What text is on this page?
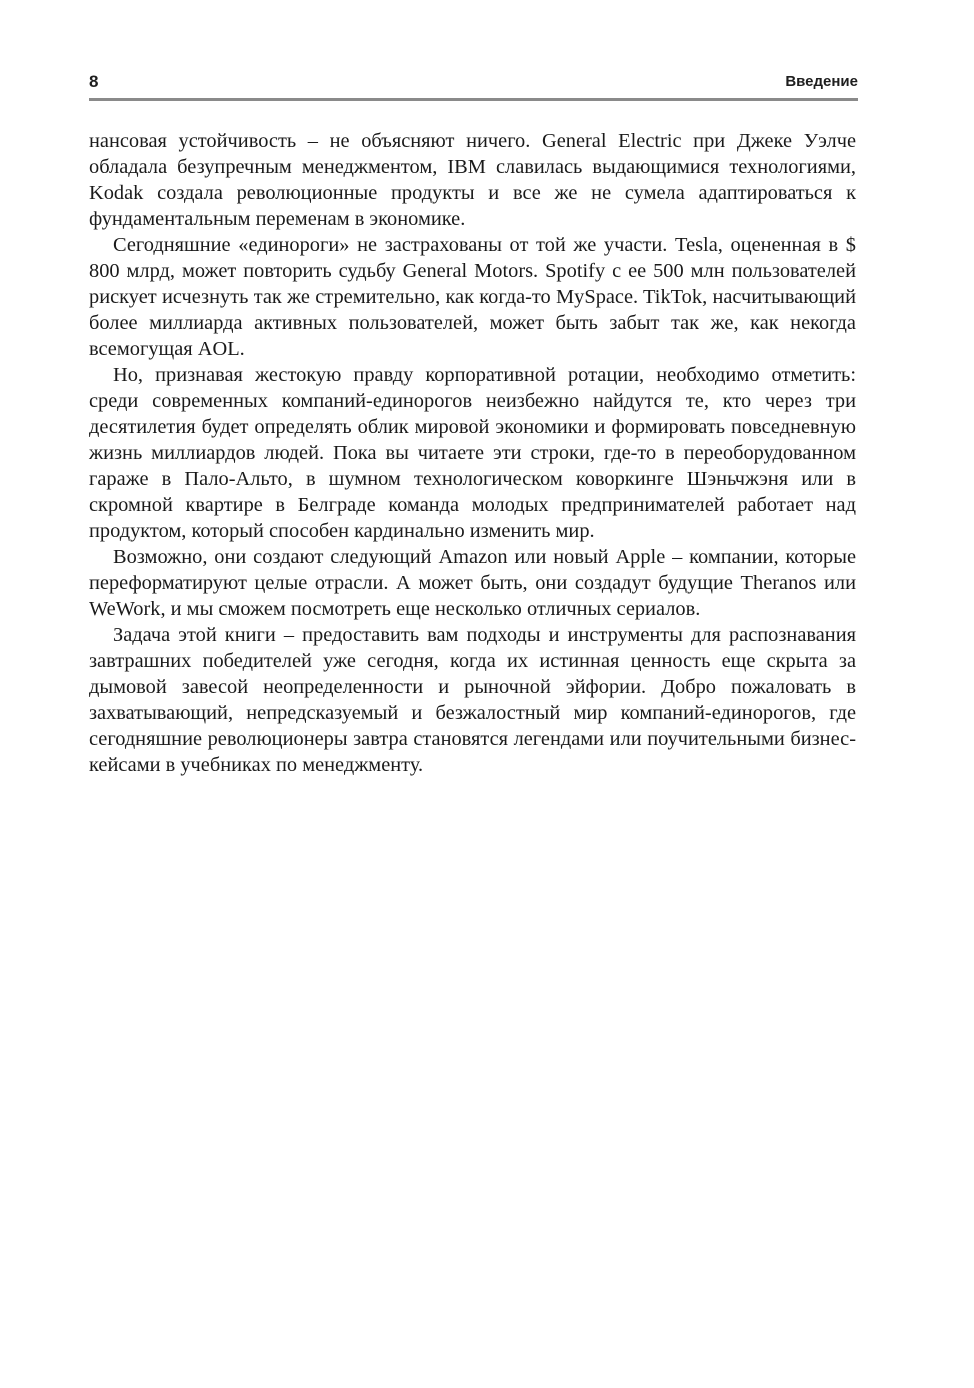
8	Введение

нансовая устойчивость – не объясняют ничего. General Electric при Джеке Уэлче обладала безупречным менеджментом, IBM славилась выдающимися технологиями, Kodak создала революционные продукты и все же не сумела адаптироваться к фундаментальным переменам в экономике.

Сегодняшние «единороги» не застрахованы от той же участи. Tesla, оцененная в $ 800 млрд, может повторить судьбу General Motors. Spotify с ее 500 млн пользователей рискует исчезнуть так же стремительно, как когда-то MySpace. TikTok, насчитывающий более миллиарда активных пользователей, может быть забыт так же, как некогда всемогущая AOL.

Но, признавая жестокую правду корпоративной ротации, необходимо отметить: среди современных компаний-единорогов неизбежно найдутся те, кто через три десятилетия будет определять облик мировой экономики и формировать повседневную жизнь миллиардов людей. Пока вы читаете эти строки, где-то в переоборудованном гараже в Пало-Альто, в шумном технологическом коворкинге Шэньчжэня или в скромной квартире в Белграде команда молодых предпринимателей работает над продуктом, который способен кардинально изменить мир.

Возможно, они создают следующий Amazon или новый Apple – компании, которые переформатируют целые отрасли. А может быть, они создадут будущие Theranos или WeWork, и мы сможем посмотреть еще несколько отличных сериалов.

Задача этой книги – предоставить вам подходы и инструменты для распознавания завтрашних победителей уже сегодня, когда их истинная ценность еще скрыта за дымовой завесой неопределенности и рыночной эйфории. Добро пожаловать в захватывающий, непредсказуемый и безжалостный мир компаний-единорогов, где сегодняшние революционеры завтра становятся легендами или поучительными бизнес-кейсами в учебниках по менеджменту.
